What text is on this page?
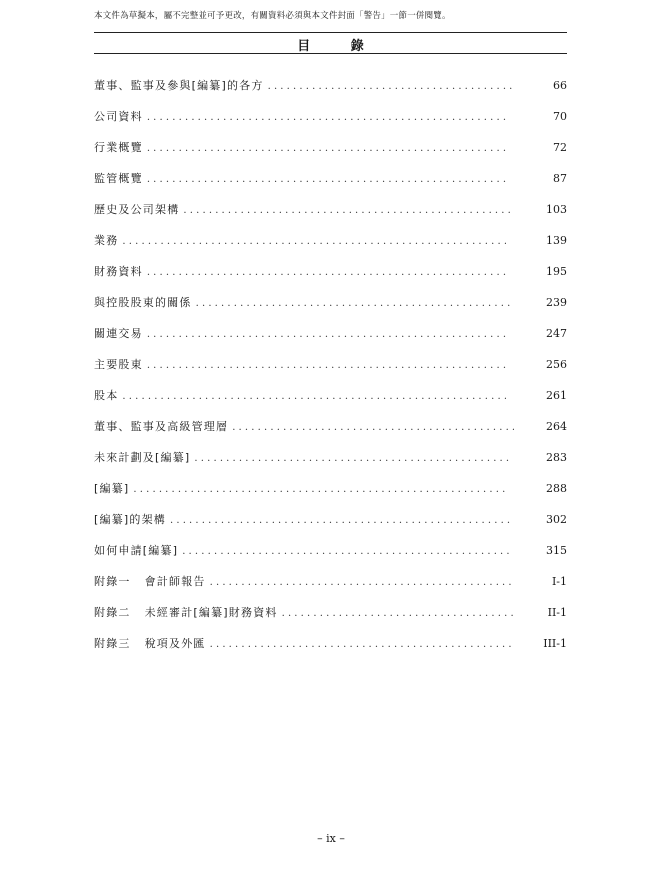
本文件為草擬本，屬不完整並可予更改，有關資料必須與本文件封面「警告」一節一併閱覽。
目 錄
董事、監事及參與[編纂]的各方 . . .	66
公司資料 . . .	70
行業概覽 . . .	72
監管概覽 . . .	87
歷史及公司架構 . . .	103
業務 . . .	139
財務資料 . . .	195
與控股股東的關係 . . .	239
關連交易 . . .	247
主要股東 . . .	256
股本 . . .	261
董事、監事及高級管理層 . . .	264
未來計劃及[編纂] . . .	283
[編纂] . . .	288
[編纂]的架構 . . .	302
如何申請[編纂] . . .	315
附錄一 會計師報告 . . .	I-1
附錄二 未經審計[編纂]財務資料 . . .	II-1
附錄三 稅項及外匯 . . .	III-1
– ix –
